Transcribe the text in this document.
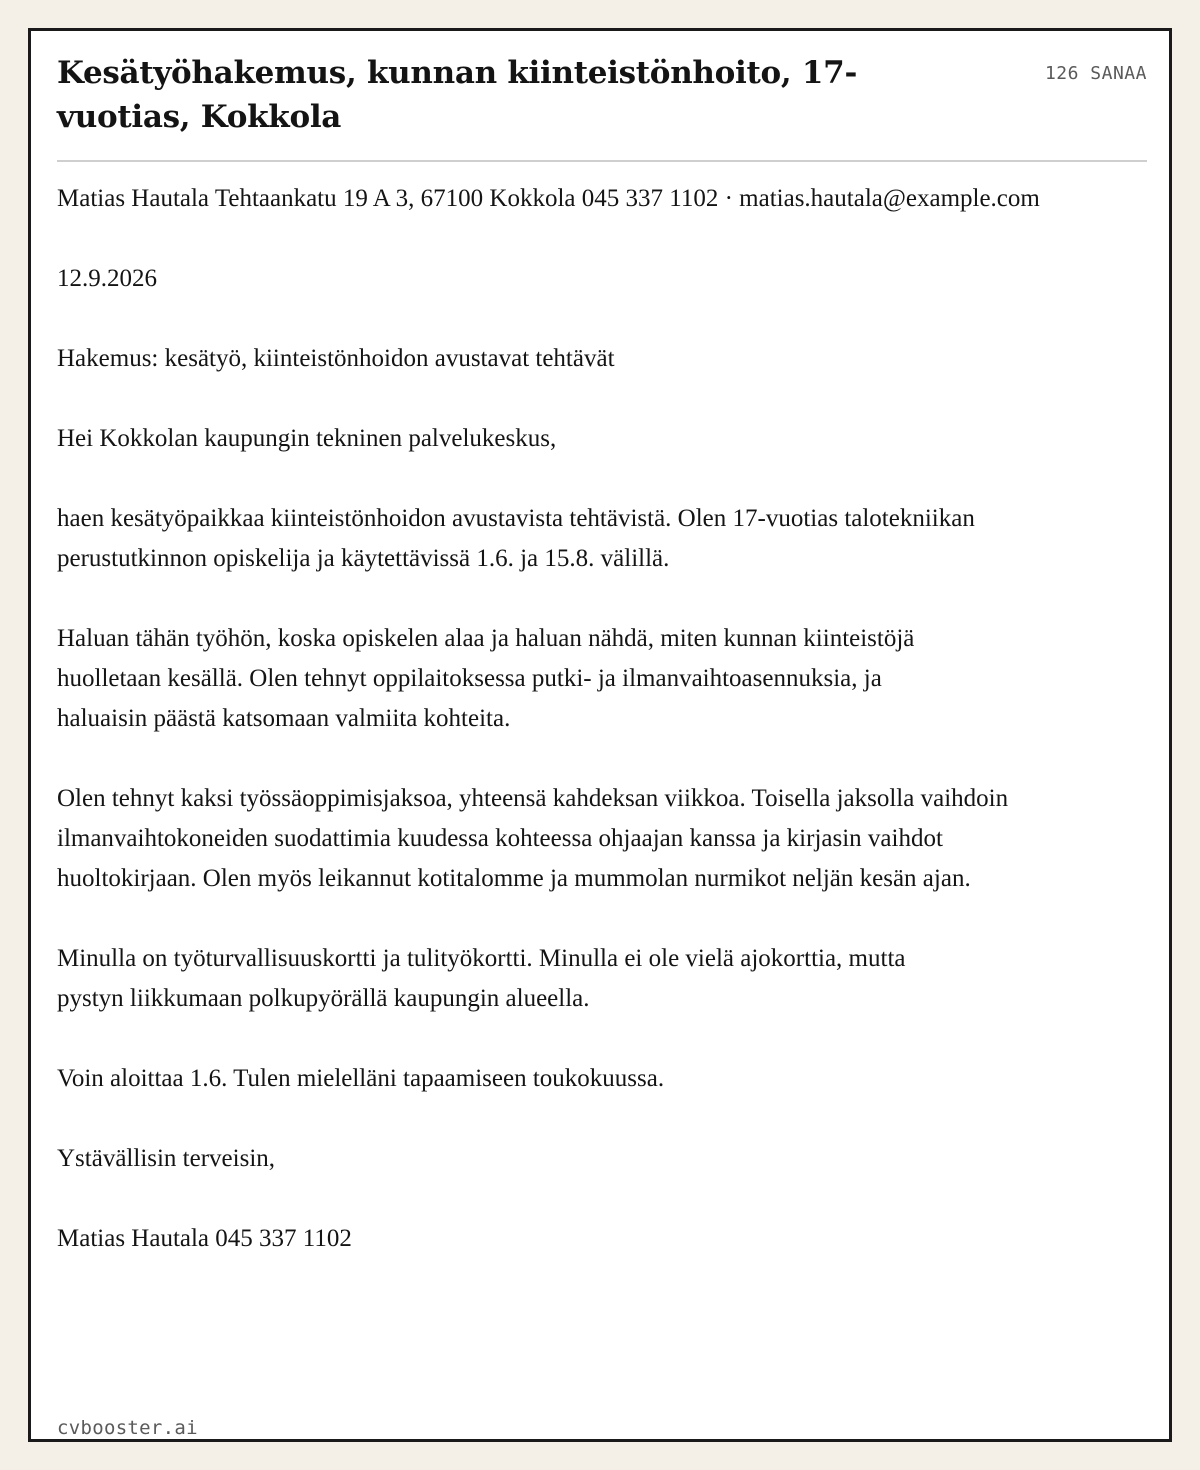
Kesätyöhakemus, kunnan kiinteistönhoito, 17-vuotias, Kokkola
126 SANAA

Matias Hautala Tehtaankatu 19 A 3, 67100 Kokkola 045 337 1102 · matias.hautala@example.com

12.9.2026

Hakemus: kesätyö, kiinteistönhoidon avustavat tehtävät

Hei Kokkolan kaupungin tekninen palvelukeskus,

haen kesätyöpaikkaa kiinteistönhoidon avustavista tehtävistä. Olen 17-vuotias talotekniikan perustutkinnon opiskelija ja käytettävissä 1.6. ja 15.8. välillä.

Haluan tähän työhön, koska opiskelen alaa ja haluan nähdä, miten kunnan kiinteistöjä huolletaan kesällä. Olen tehnyt oppilaitoksessa putki- ja ilmanvaihtoasennuksia, ja haluaisin päästä katsomaan valmiita kohteita.

Olen tehnyt kaksi työssäoppimisjaksoa, yhteensä kahdeksan viikkoa. Toisella jaksolla vaihdoin ilmanvaihtokoneiden suodattimia kuudessa kohteessa ohjaajan kanssa ja kirjasin vaihdot huoltokirjaan. Olen myös leikannut kotitalomme ja mummolan nurmikot neljän kesän ajan.

Minulla on työturvallisuuskortti ja tulityökortti. Minulla ei ole vielä ajokorttia, mutta pystyn liikkumaan polkupyörällä kaupungin alueella.

Voin aloittaa 1.6. Tulen mielelläni tapaamiseen toukokuussa.

Ystävällisin terveisin,

Matias Hautala 045 337 1102

cvbooster.ai
